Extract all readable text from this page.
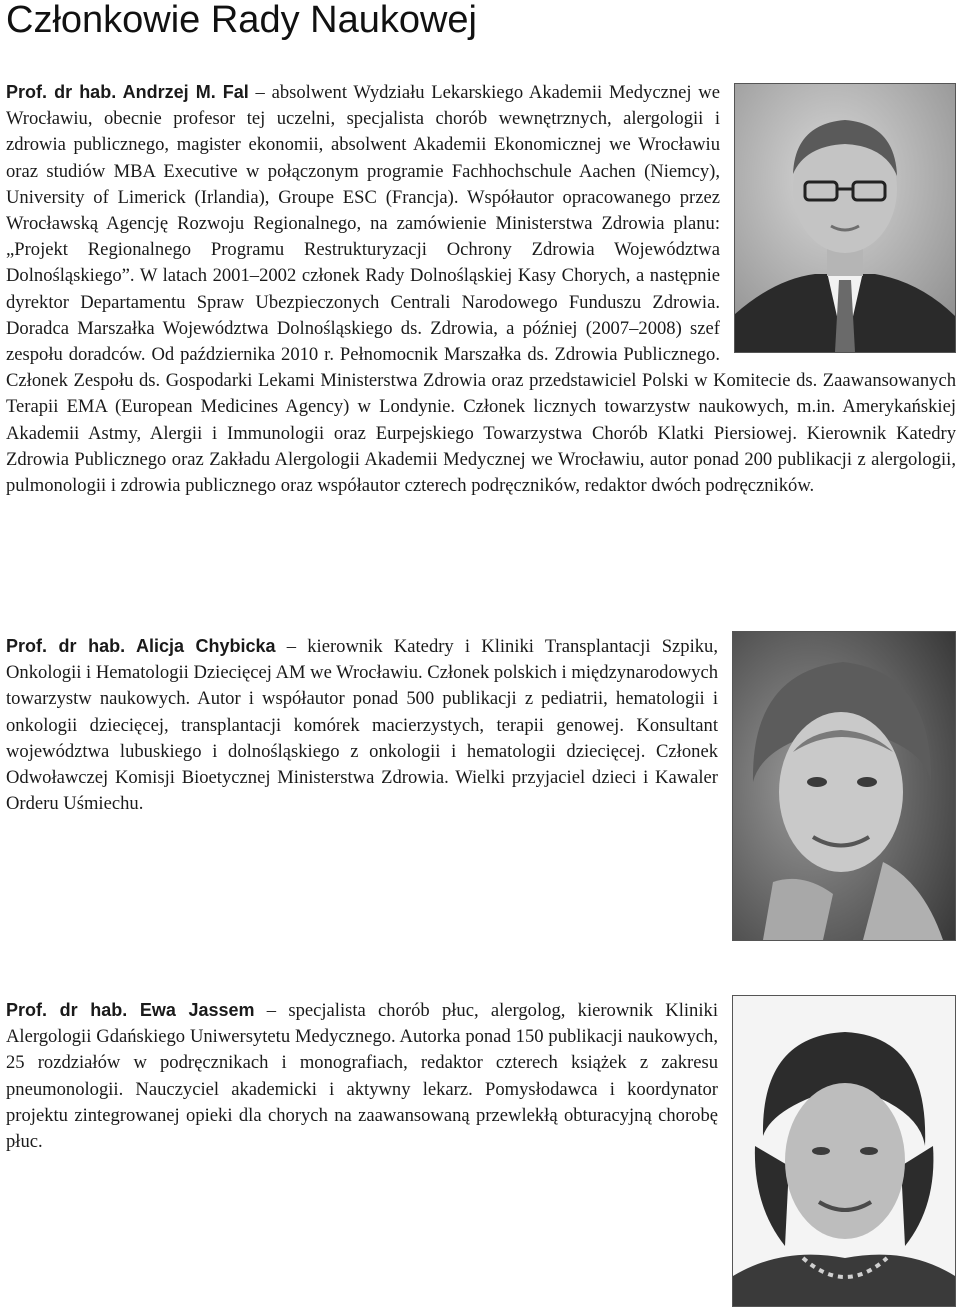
Członkowie Rady Naukowej

Prof. dr hab. Andrzej M. Fal – absolwent Wydziału Lekarskiego Akademii Medycznej we Wrocławiu, obecnie profesor tej uczelni, specjalista chorób wewnętrznych, alergologii i zdrowia publicznego, magister ekonomii, absolwent Akademii Ekonomicznej we Wrocławiu oraz studiów MBA Executive w połączonym programie Fachhochschule Aachen (Niemcy), University of Limerick (Irlandia), Groupe ESC (Francja). Współautor opracowanego przez Wrocławską Agencję Rozwoju Regionalnego, na zamówienie Ministerstwa Zdrowia planu: „Projekt Regionalnego Programu Restrukturyzacji Ochrony Zdrowia Województwa Dolnośląskiego”. W latach 2001–2002 członek Rady Dolnośląskiej Kasy Chorych, a następnie dyrektor Departamentu Spraw Ubezpieczonych Centrali Narodowego Funduszu Zdrowia. Doradca Marszałka Województwa Dolnośląskiego ds. Zdrowia, a później (2007–2008) szef zespołu doradców. Od października 2010 r. Pełnomocnik Marszałka ds. Zdrowia Publicznego. Członek Zespołu ds. Gospodarki Lekami Ministerstwa Zdrowia oraz przedstawiciel Polski w Komitecie ds. Zaawansowanych Terapii EMA (European Medicines Agency) w Londynie. Członek licznych towarzystw naukowych, m.in. Amerykańskiej Akademii Astmy, Alergii i Immunologii oraz Eurpejskiego Towarzystwa Chorób Klatki Piersiowej. Kierownik Katedry Zdrowia Publicznego oraz Zakładu Alergologii Akademii Medycznej we Wrocławiu, autor ponad 200 publikacji z alergologii, pulmonologii i zdrowia publicznego oraz współautor czterech podręczników, redaktor dwóch podręczników.

Prof. dr hab. Alicja Chybicka – kierownik Katedry i Kliniki Transplantacji Szpiku, Onkologii i Hematologii Dziecięcej AM we Wrocławiu. Członek polskich i międzynarodowych towarzystw naukowych. Autor i współautor ponad 500 publikacji z pediatrii, hematologii i onkologii dziecięcej, transplantacji komórek macierzystych, terapii genowej. Konsultant województwa lubuskiego i dolnośląskiego z onkologii i hematologii dziecięcej. Członek Odwoławczej Komisji Bioetycznej Ministerstwa Zdrowia. Wielki przyjaciel dzieci i Kawaler Orderu Uśmiechu.

Prof. dr hab. Ewa Jassem – specjalista chorób płuc, alergolog, kierownik Kliniki Alergologii Gdańskiego Uniwersytetu Medycznego. Autorka ponad 150 publikacji naukowych, 25 rozdziałów w podręcznikach i monografiach, redaktor czterech książek z zakresu pneumonologii. Nauczyciel akademicki i aktywny lekarz. Pomysłodawca i koordynator projektu zintegrowanej opieki dla chorych na zaawansowaną przewlekłą obturacyjną chorobę płuc.
